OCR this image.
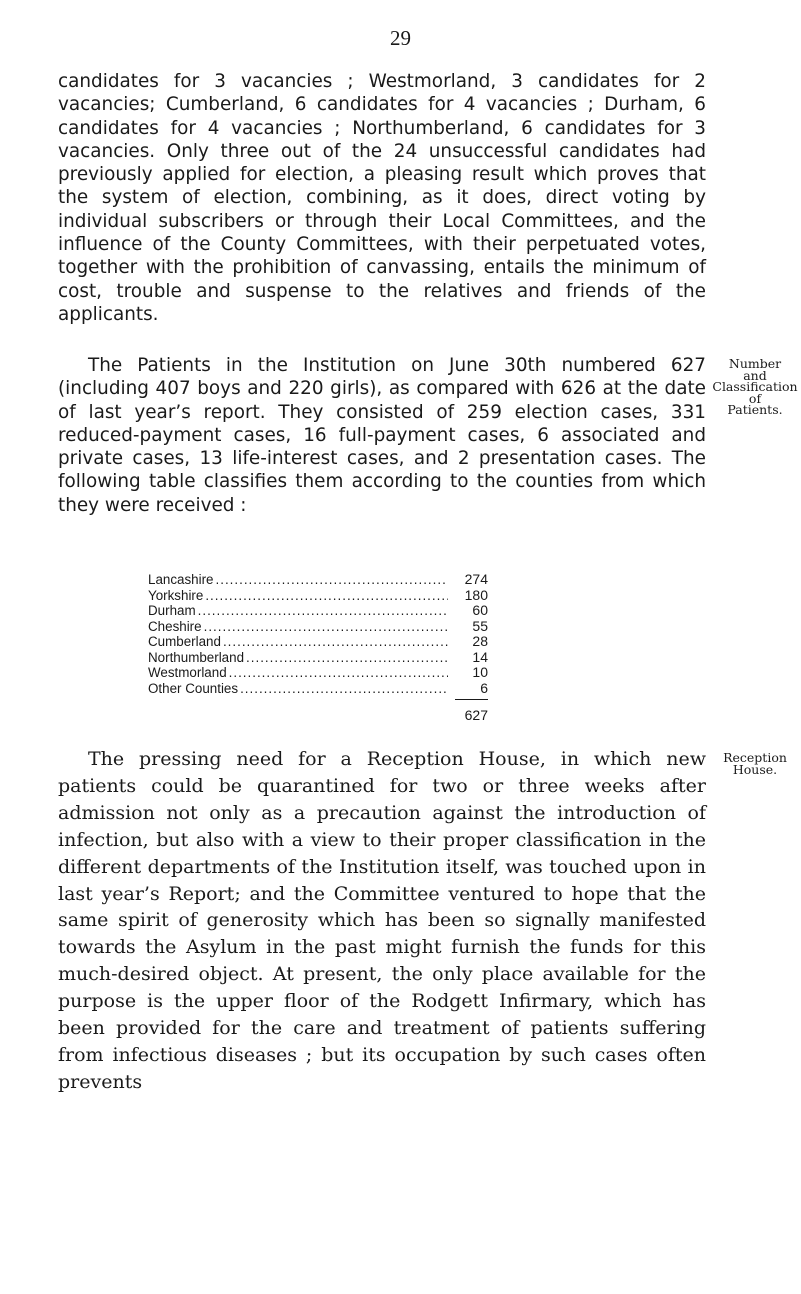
29

candidates for 3 vacancies ; Westmorland, 3 candidates for 2 vacancies; Cumberland, 6 candidates for 4 vacancies ; Durham, 6 candidates for 4 vacancies ; Northumberland, 6 candidates for 3 vacancies. Only three out of the 24 unsuccessful candidates had previously applied for election, a pleasing result which proves that the system of election, combining, as it does, direct voting by individual subscribers or through their Local Committees, and the influence of the County Committees, with their perpetuated votes, together with the prohibition of canvassing, entails the minimum of cost, trouble and suspense to the relatives and friends of the applicants.

The Patients in the Institution on June 30th numbered 627 (including 407 boys and 220 girls), as compared with 626 at the date of last year’s report. They consisted of 259 election cases, 331 reduced-payment cases, 16 full-payment cases, 6 associated and private cases, 13 life-interest cases, and 2 presentation cases. The following table classifies them according to the counties from which they were received :

Number
and
Classification
of
Patients.
Lancashire .....	274
Yorkshire .....	180
Durham .....	60
Cheshire .....	55
Cumberland .....	28
Northumberland .....	14
Westmorland .....	10
Other Counties .....	6
627

The pressing need for a Reception House, in which new patients could be quarantined for two or three weeks after admission not only as a precaution against the introduction of infection, but also with a view to their proper classification in the different departments of the Institution itself, was touched upon in last year’s Report; and the Committee ventured to hope that the same spirit of generosity which has been so signally manifested towards the Asylum in the past might furnish the funds for this much-desired object. At present, the only place available for the purpose is the upper floor of the Rodgett Infirmary, which has been provided for the care and treatment of patients suffering from infectious diseases ; but its occupation by such cases often prevents

Reception
House.
